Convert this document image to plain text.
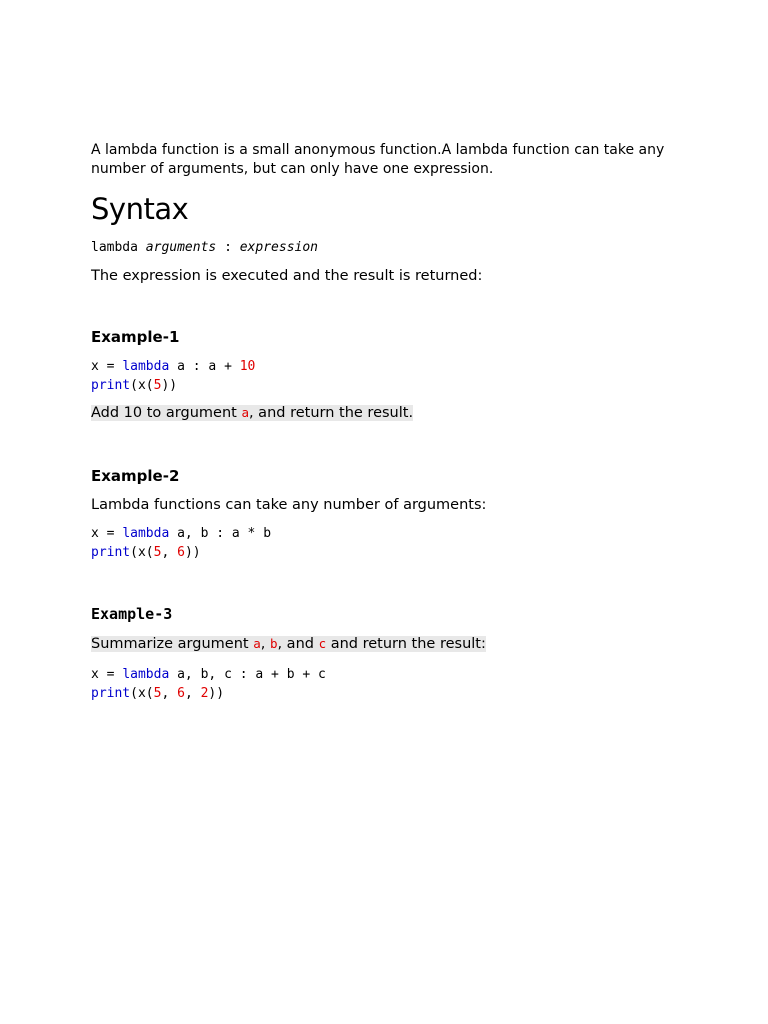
A lambda function is a small anonymous function.A lambda function can take any number of arguments, but can only have one expression.

Syntax

lambda arguments : expression

The expression is executed and the result is returned:

Example-1
x = lambda a : a + 10
print(x(5))

Add 10 to argument a, and return the result.

Example-2

Lambda functions can take any number of arguments:

x = lambda a, b : a * b
print(x(5, 6))
Example-3

Summarize argument a, b, and c and return the result:

x = lambda a, b, c : a + b + c
print(x(5, 6, 2))
